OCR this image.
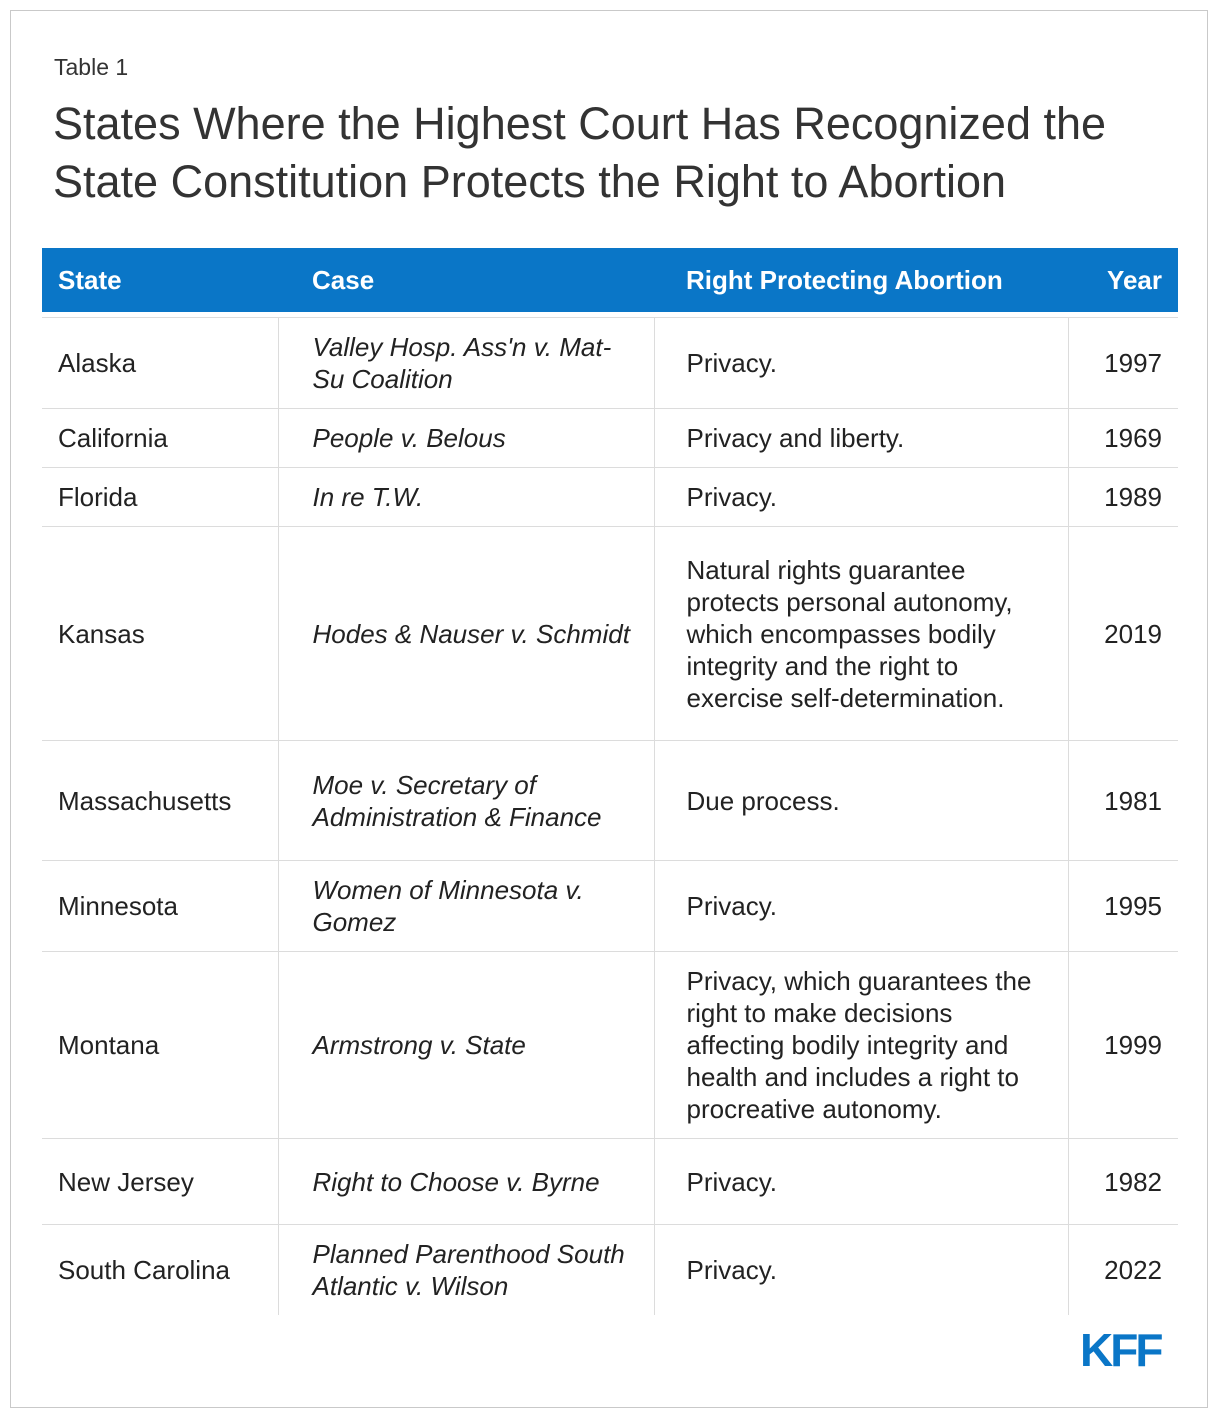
Table 1
States Where the Highest Court Has Recognized the State Constitution Protects the Right to Abortion
State	Case	Right Protecting Abortion	Year

Alaska	Valley Hosp. Ass'n v. Mat-Su Coalition	Privacy.	1997
California	People v. Belous	Privacy and liberty.	1969
Florida	In re T.W.	Privacy.	1989
Kansas	Hodes & Nauser v. Schmidt	Natural rights guarantee protects personal autonomy, which encompasses bodily integrity and the right to exercise self-determination.	2019
Massachusetts	Moe v. Secretary of Administration & Finance	Due process.	1981
Minnesota	Women of Minnesota v. Gomez	Privacy.	1995
Montana	Armstrong v. State	Privacy, which guarantees the right to make decisions affecting bodily integrity and health and includes a right to procreative autonomy.	1999
New Jersey	Right to Choose v. Byrne	Privacy.	1982
South Carolina	Planned Parenthood South Atlantic v. Wilson	Privacy.	2022
KFF
